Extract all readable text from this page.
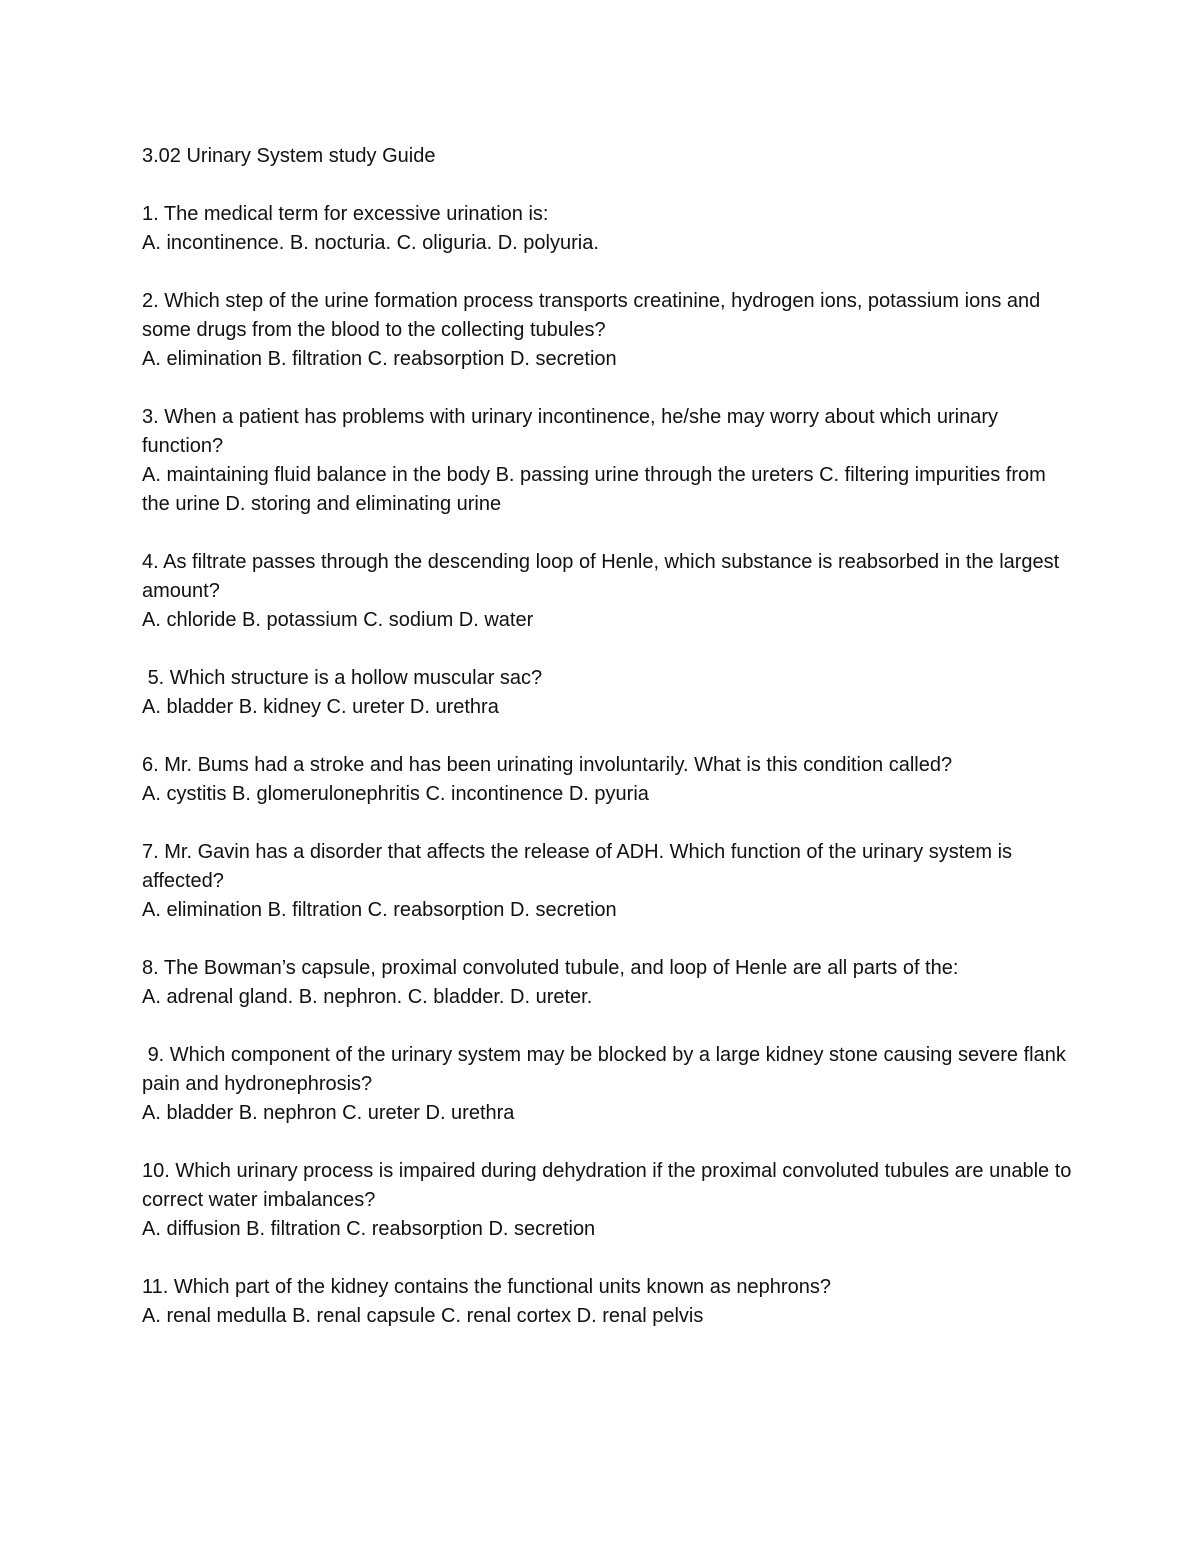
3.02 Urinary System study Guide

1. The medical term for excessive urination is:

A. incontinence. B. nocturia. C. oliguria. D. polyuria.

2. Which step of the urine formation process transports creatinine, hydrogen ions, potassium ions and some drugs from the blood to the collecting tubules?

A. elimination B. filtration C. reabsorption D. secretion

3. When a patient has problems with urinary incontinence, he/she may worry about which urinary function?

A. maintaining fluid balance in the body B. passing urine through the ureters C. filtering impurities from the urine D. storing and eliminating urine

4. As filtrate passes through the descending loop of Henle, which substance is reabsorbed in the largest amount?

A. chloride B. potassium C. sodium D. water

5. Which structure is a hollow muscular sac?

A. bladder B. kidney C. ureter D. urethra

6. Mr. Bums had a stroke and has been urinating involuntarily. What is this condition called?

A. cystitis B. glomerulonephritis C. incontinence D. pyuria

7. Mr. Gavin has a disorder that affects the release of ADH. Which function of the urinary system is affected?

A. elimination B. filtration C. reabsorption D. secretion

8. The Bowman’s capsule, proximal convoluted tubule, and loop of Henle are all parts of the:

A. adrenal gland. B. nephron. C. bladder. D. ureter.

9. Which component of the urinary system may be blocked by a large kidney stone causing severe flank pain and hydronephrosis?

A. bladder B. nephron C. ureter D. urethra

10. Which urinary process is impaired during dehydration if the proximal convoluted tubules are unable to correct water imbalances?

A. diffusion B. filtration C. reabsorption D. secretion

11. Which part of the kidney contains the functional units known as nephrons?

A. renal medulla B. renal capsule C. renal cortex D. renal pelvis
